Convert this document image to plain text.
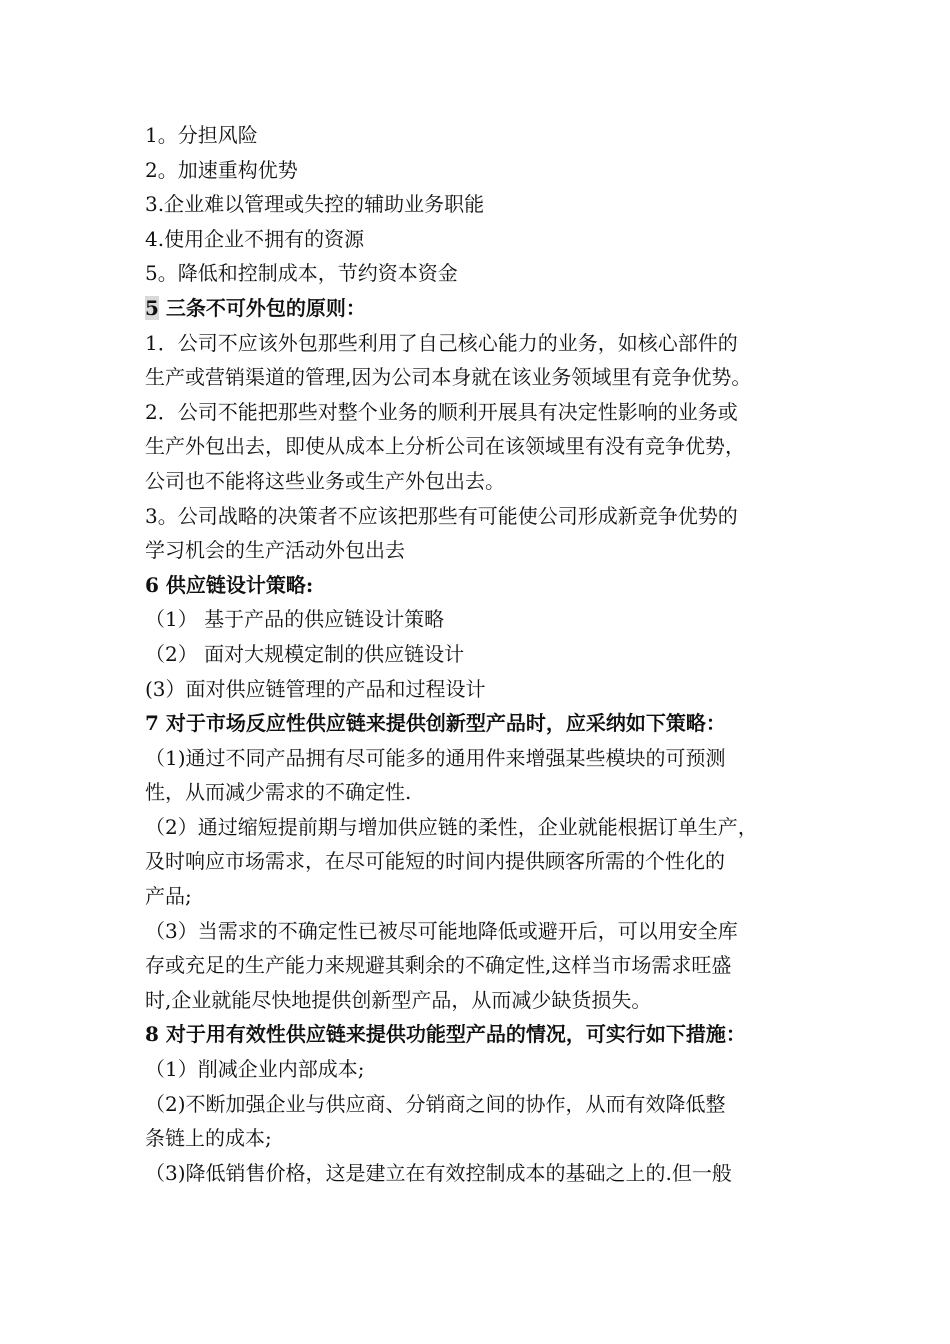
1。分担风险

2。加速重构优势

3.企业难以管理或失控的辅助业务职能

4.使用企业不拥有的资源

5。降低和控制成本，节约资本资金

5 三条不可外包的原则：

1．公司不应该外包那些利用了自己核心能力的业务，如核心部件的

生产或营销渠道的管理,因为公司本身就在该业务领域里有竞争优势。

2．公司不能把那些对整个业务的顺利开展具有决定性影响的业务或

生产外包出去，即使从成本上分析公司在该领域里有没有竞争优势，

公司也不能将这些业务或生产外包出去。

3。公司战略的决策者不应该把那些有可能使公司形成新竞争优势的

学习机会的生产活动外包出去

6 供应链设计策略:

（1） 基于产品的供应链设计策略

（2） 面对大规模定制的供应链设计

(3）面对供应链管理的产品和过程设计

7 对于市场反应性供应链来提供创新型产品时，应采纳如下策略：

（1)通过不同产品拥有尽可能多的通用件来增强某些模块的可预测

性，从而减少需求的不确定性.

（2）通过缩短提前期与增加供应链的柔性，企业就能根据订单生产，

及时响应市场需求，在尽可能短的时间内提供顾客所需的个性化的

产品;

（3）当需求的不确定性已被尽可能地降低或避开后，可以用安全库

存或充足的生产能力来规避其剩余的不确定性,这样当市场需求旺盛

时,企业就能尽快地提供创新型产品，从而减少缺货损失。

8 对于用有效性供应链来提供功能型产品的情况，可实行如下措施：

（1）削减企业内部成本;

（2)不断加强企业与供应商、分销商之间的协作，从而有效降低整

条链上的成本;

（3)降低销售价格，这是建立在有效控制成本的基础之上的.但一般
